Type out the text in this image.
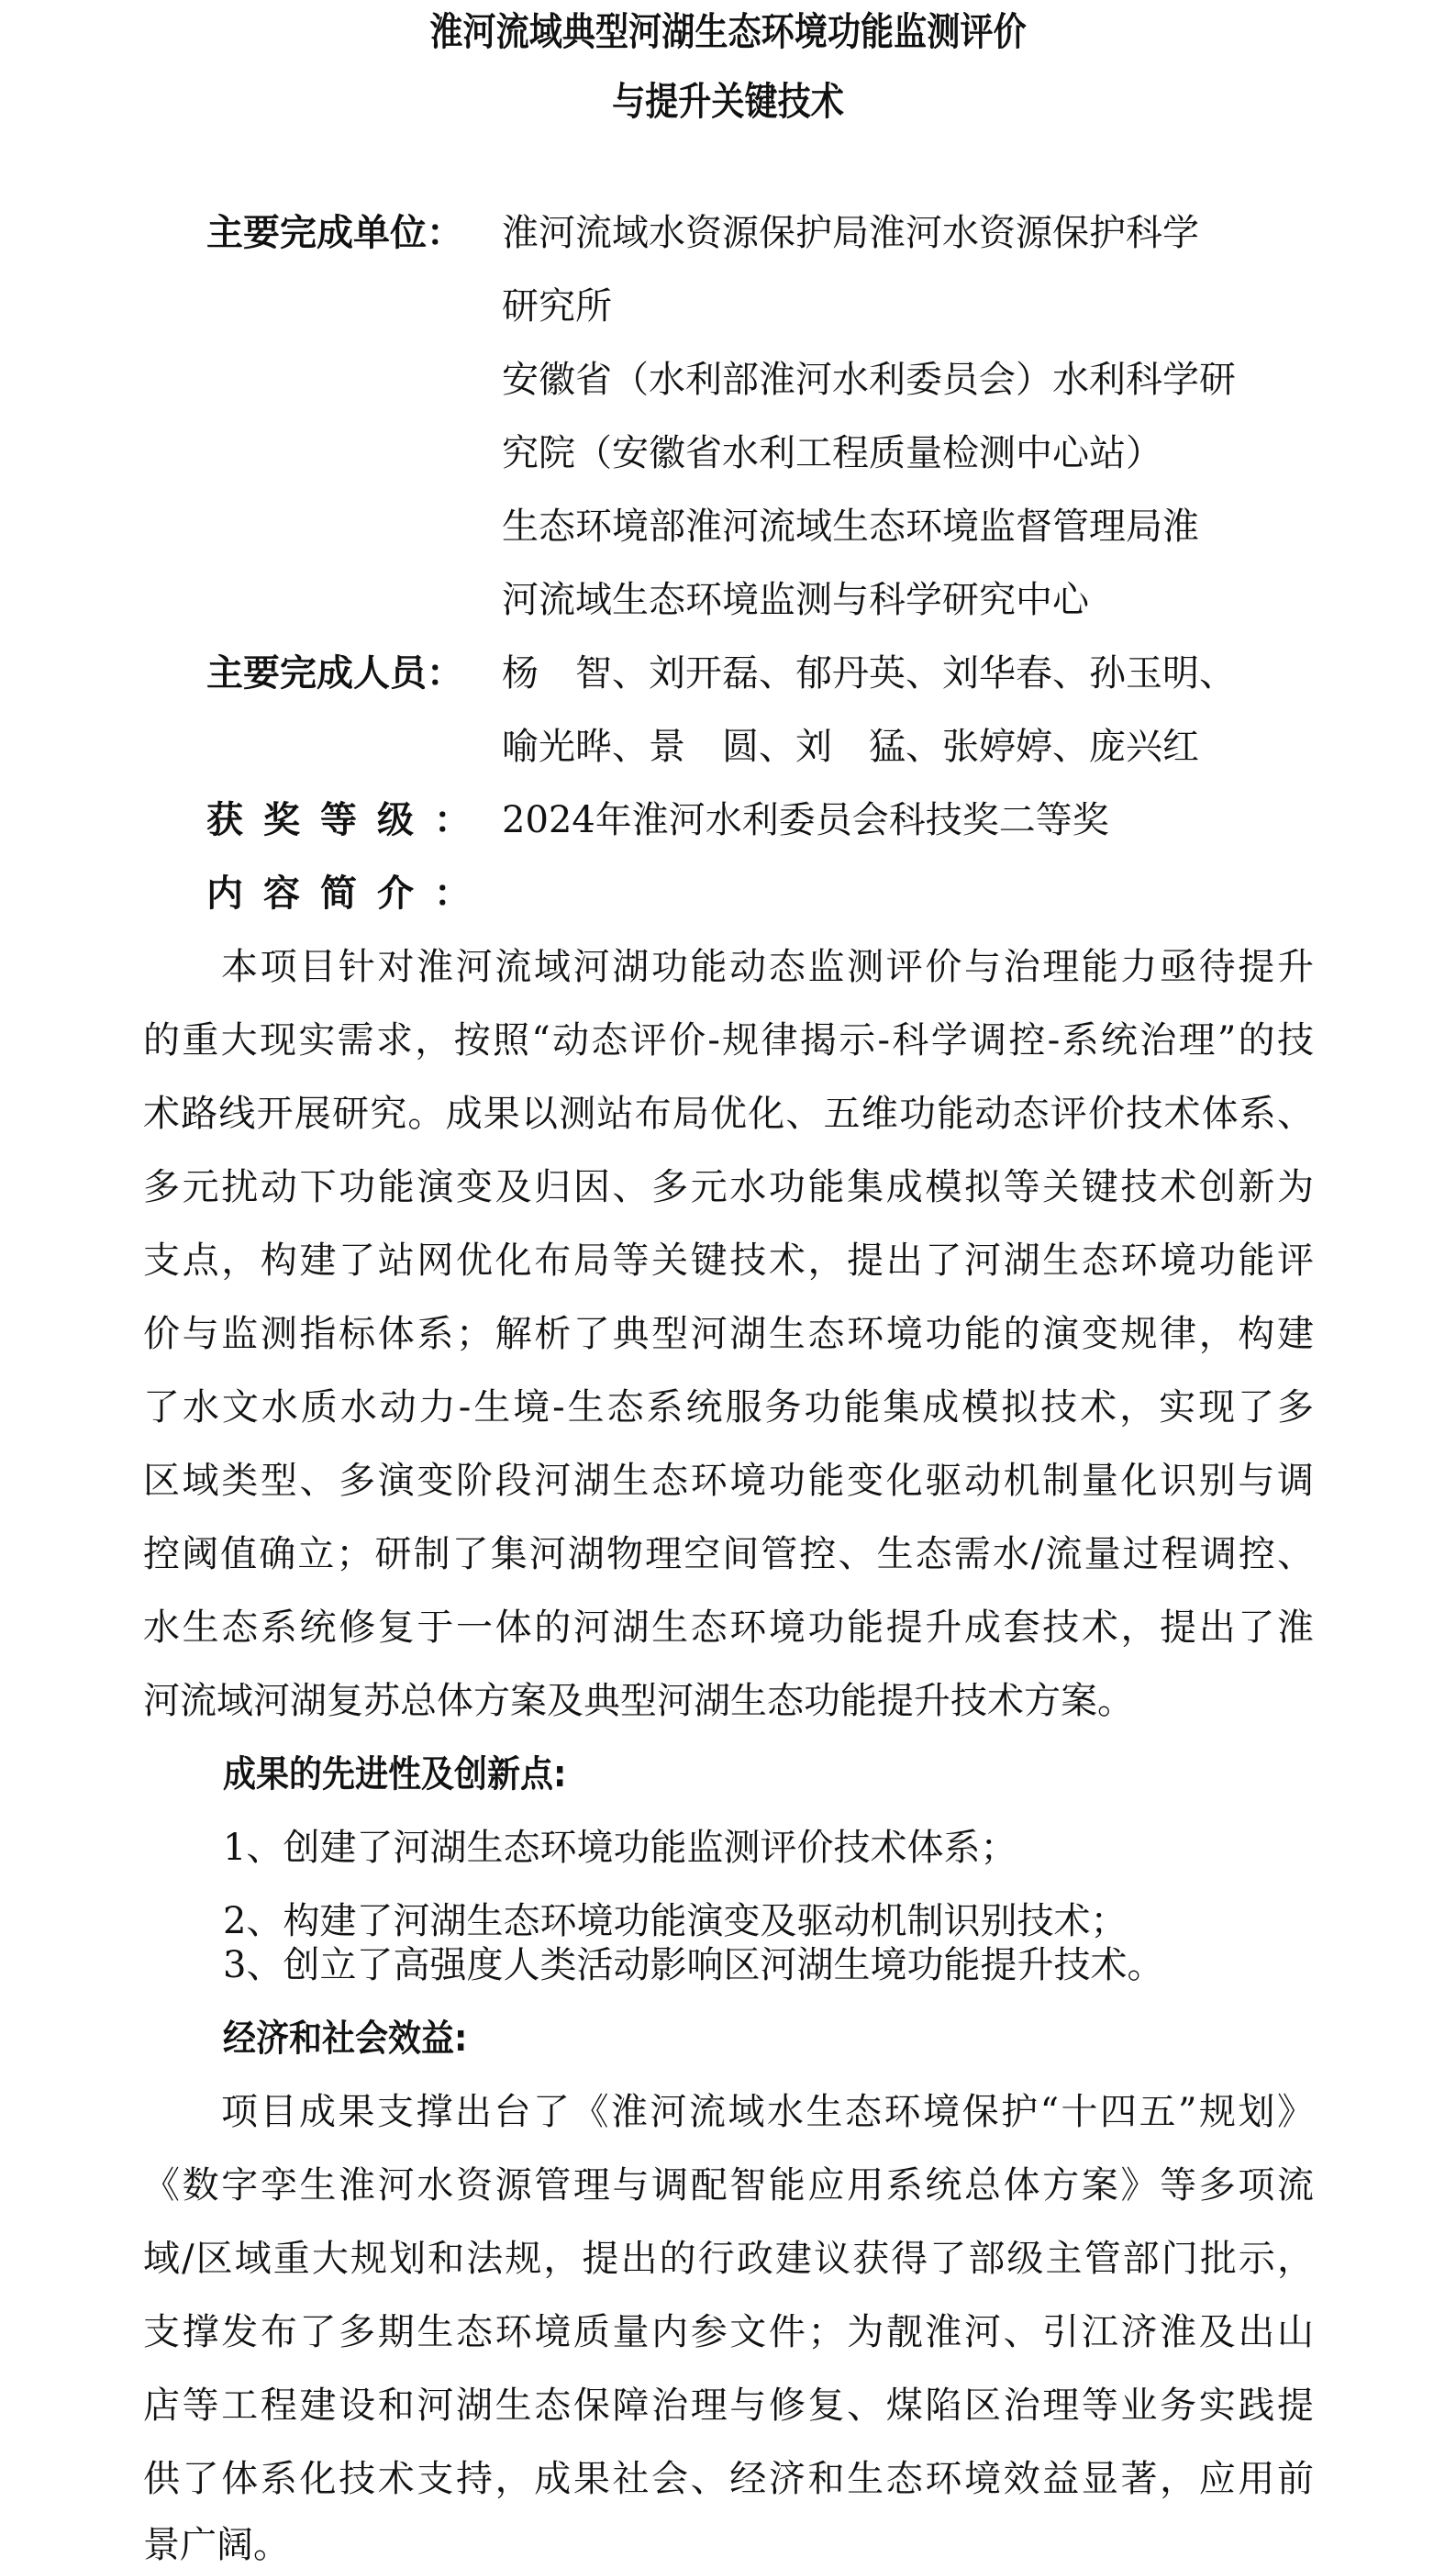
淮河流域典型河湖生态环境功能监测评价
与提升关键技术
主要完成单位： 淮河流域水资源保护局淮河水资源保护科学
研究所
安徽省（水利部淮河水利委员会）水利科学研
究院（安徽省水利工程质量检测中心站）
生态环境部淮河流域生态环境监督管理局淮
河流域生态环境监测与科学研究中心
主要完成人员： 杨　智、刘开磊、郁丹英、刘华春、孙玉明、
喻光晔、景　圆、刘　猛、张婷婷、庞兴红
获奖等级： 2024年淮河水利委员会科技奖二等奖
内容简介：
本项目针对淮河流域河湖功能动态监测评价与治理能力亟待提升
的重大现实需求，按照“动态评价-规律揭示-科学调控-系统治理”的技
术路线开展研究。成果以测站布局优化、五维功能动态评价技术体系、
多元扰动下功能演变及归因、多元水功能集成模拟等关键技术创新为
支点，构建了站网优化布局等关键技术，提出了河湖生态环境功能评
价与监测指标体系；解析了典型河湖生态环境功能的演变规律，构建
了水文水质水动力-生境-生态系统服务功能集成模拟技术，实现了多
区域类型、多演变阶段河湖生态环境功能变化驱动机制量化识别与调
控阈值确立；研制了集河湖物理空间管控、生态需水/流量过程调控、
水生态系统修复于一体的河湖生态环境功能提升成套技术，提出了淮
河流域河湖复苏总体方案及典型河湖生态功能提升技术方案。
成果的先进性及创新点:
1、创建了河湖生态环境功能监测评价技术体系；
2、构建了河湖生态环境功能演变及驱动机制识别技术；
3、创立了高强度人类活动影响区河湖生境功能提升技术。
经济和社会效益:
项目成果支撑出台了《淮河流域水生态环境保护“十四五”规划》
《数字孪生淮河水资源管理与调配智能应用系统总体方案》等多项流
域/区域重大规划和法规，提出的行政建议获得了部级主管部门批示，
支撑发布了多期生态环境质量内参文件；为靓淮河、引江济淮及出山
店等工程建设和河湖生态保障治理与修复、煤陷区治理等业务实践提
供了体系化技术支持，成果社会、经济和生态环境效益显著，应用前
景广阔。
